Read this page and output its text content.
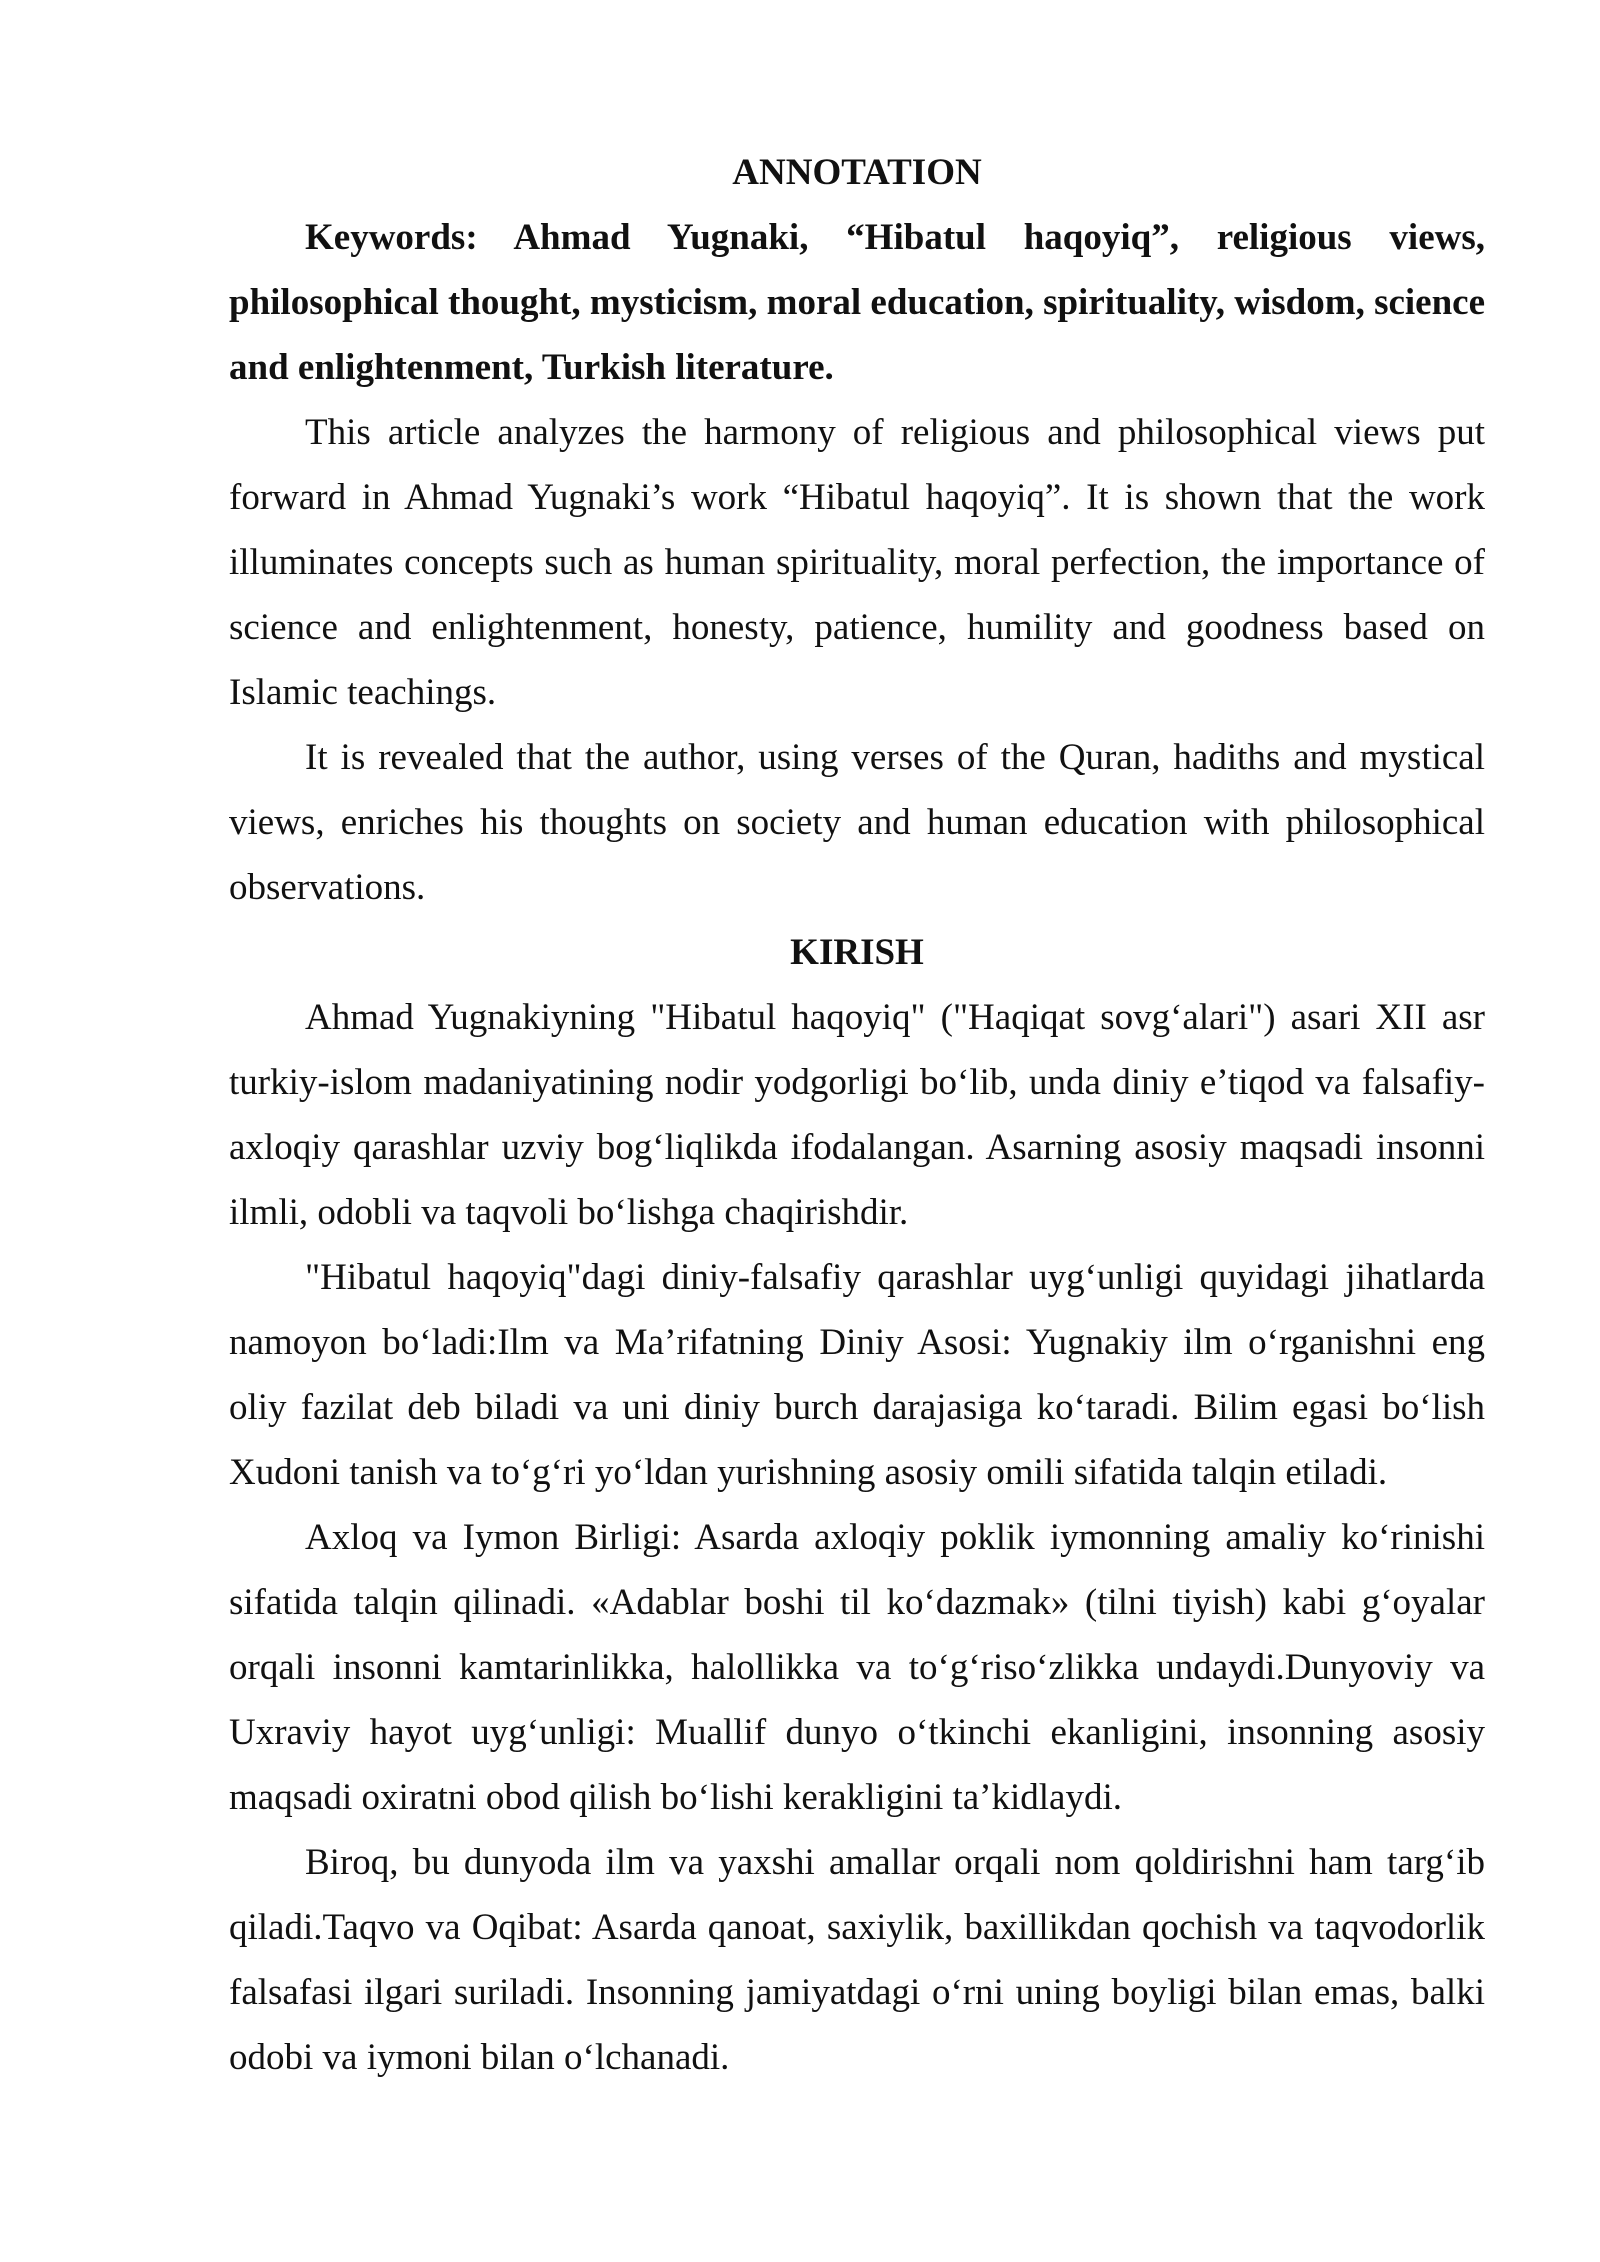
ANNOTATION

Keywords: Ahmad Yugnaki, “Hibatul haqoyiq”, religious views, philosophical thought, mysticism, moral education, spirituality, wisdom, science and enlightenment, Turkish literature.

This article analyzes the harmony of religious and philosophical views put forward in Ahmad Yugnaki’s work “Hibatul haqoyiq”. It is shown that the work illuminates concepts such as human spirituality, moral perfection, the importance of science and enlightenment, honesty, patience, humility and goodness based on Islamic teachings.

It is revealed that the author, using verses of the Quran, hadiths and mystical views, enriches his thoughts on society and human education with philosophical observations.

KIRISH

Ahmad Yugnakiyning "Hibatul haqoyiq" ("Haqiqat sovg‘alari") asari XII asr turkiy-islom madaniyatining nodir yodgorligi bo‘lib, unda diniy e’tiqod va falsafiy-axloqiy qarashlar uzviy bog‘liqlikda ifodalangan. Asarning asosiy maqsadi insonni ilmli, odobli va taqvoli bo‘lishga chaqirishdir.

"Hibatul haqoyiq"dagi diniy-falsafiy qarashlar uyg‘unligi quyidagi jihatlarda namoyon bo‘ladi:Ilm va Ma’rifatning Diniy Asosi: Yugnakiy ilm o‘rganishni eng oliy fazilat deb biladi va uni diniy burch darajasiga ko‘taradi. Bilim egasi bo‘lish Xudoni tanish va to‘g‘ri yo‘ldan yurishning asosiy omili sifatida talqin etiladi.

Axloq va Iymon Birligi: Asarda axloqiy poklik iymonning amaliy ko‘rinishi sifatida talqin qilinadi. «Adablar boshi til ko‘dazmak» (tilni tiyish) kabi g‘oyalar orqali insonni kamtarinlikka, halollikka va to‘g‘riso‘zlikka undaydi.Dunyoviy va Uxraviy hayot uyg‘unligi: Muallif dunyo o‘tkinchi ekanligini, insonning asosiy maqsadi oxiratni obod qilish bo‘lishi kerakligini ta’kidlaydi.

Biroq, bu dunyoda ilm va yaxshi amallar orqali nom qoldirishni ham targ‘ib qiladi.Taqvo va Oqibat: Asarda qanoat, saxiylik, baxillikdan qochish va taqvodorlik falsafasi ilgari suriladi. Insonning jamiyatdagi o‘rni uning boyligi bilan emas, balki odobi va iymoni bilan o‘lchanadi.
